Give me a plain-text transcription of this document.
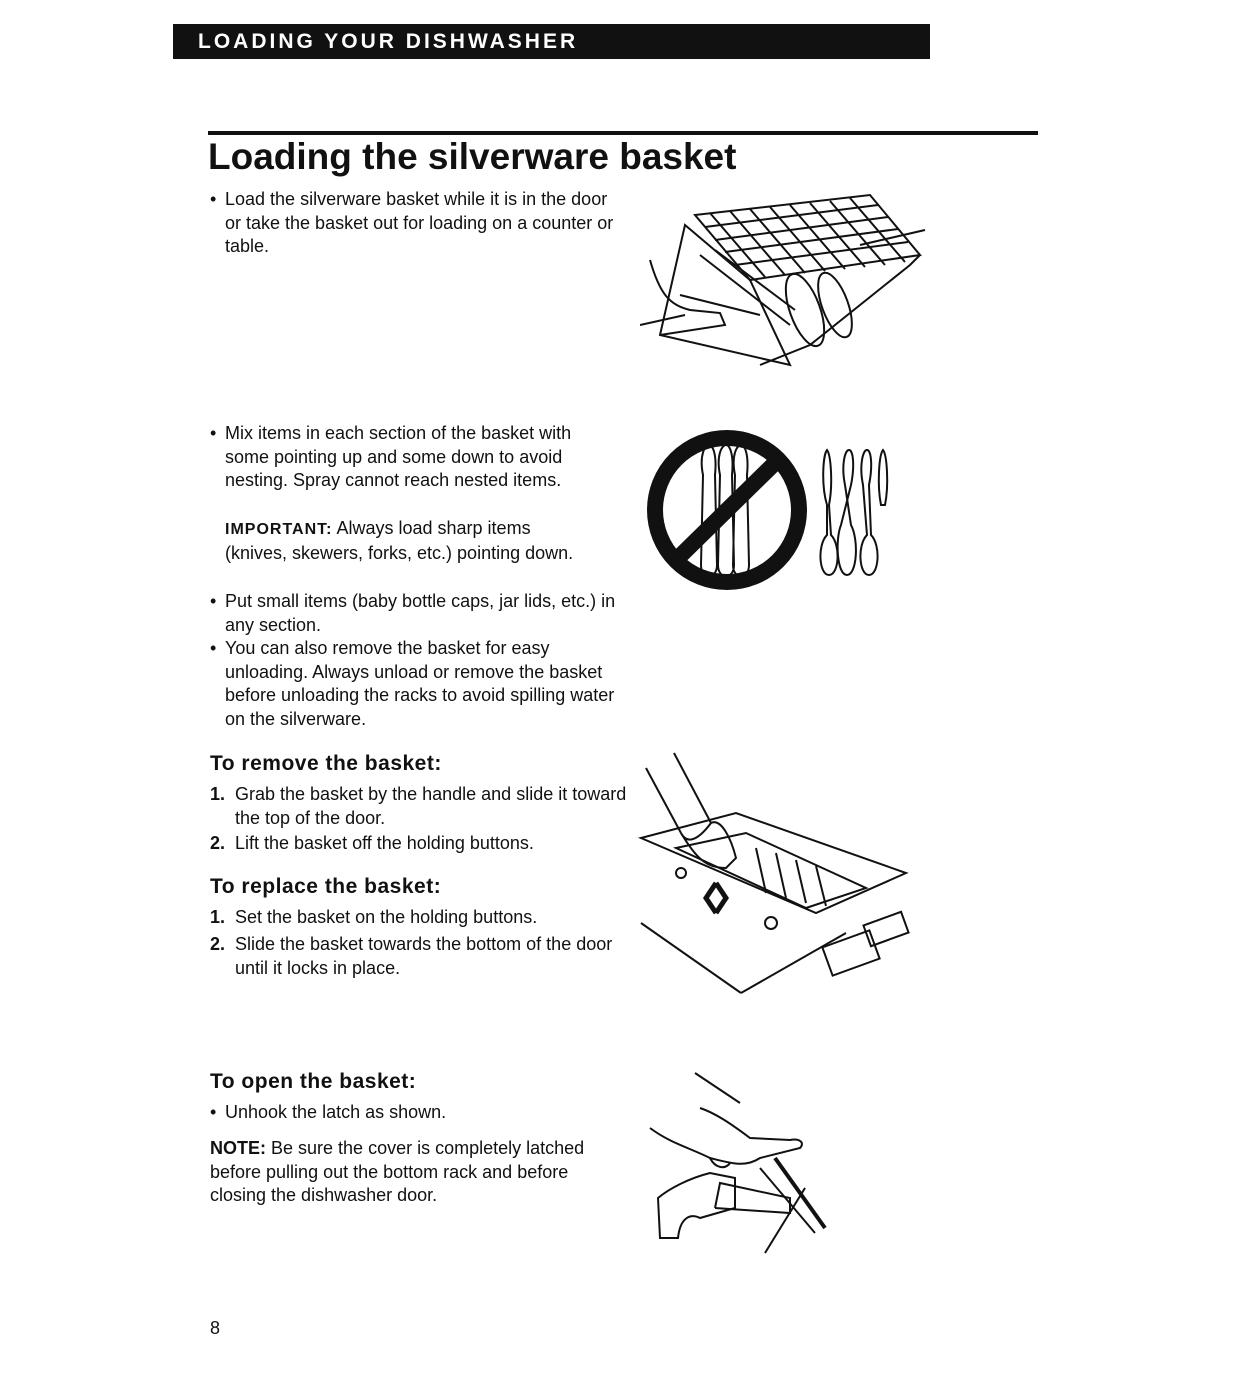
LOADING YOUR DISHWASHER
Loading the silverware basket

• Load the silverware basket while it is in the door or take the basket out for loading on a counter or table.

• Mix items in each section of the basket with some pointing up and some down to avoid nesting. Spray cannot reach nested items.

IMPORTANT: Always load sharp items (knives, skewers, forks, etc.) pointing down.

• Put small items (baby bottle caps, jar lids, etc.) in any section.

• You can also remove the basket for easy unloading. Always unload or remove the basket before unloading the racks to avoid spilling water on the silverware.

To remove the basket:
1. Grab the basket by the handle and slide it toward the top of the door.
2. Lift the basket off the holding buttons.
To replace the basket:
1. Set the basket on the holding buttons.
2. Slide the basket towards the bottom of the door until it locks in place.
To open the basket:

• Unhook the latch as shown.

NOTE: Be sure the cover is completely latched before pulling out the bottom rack and before closing the dishwasher door.

8
